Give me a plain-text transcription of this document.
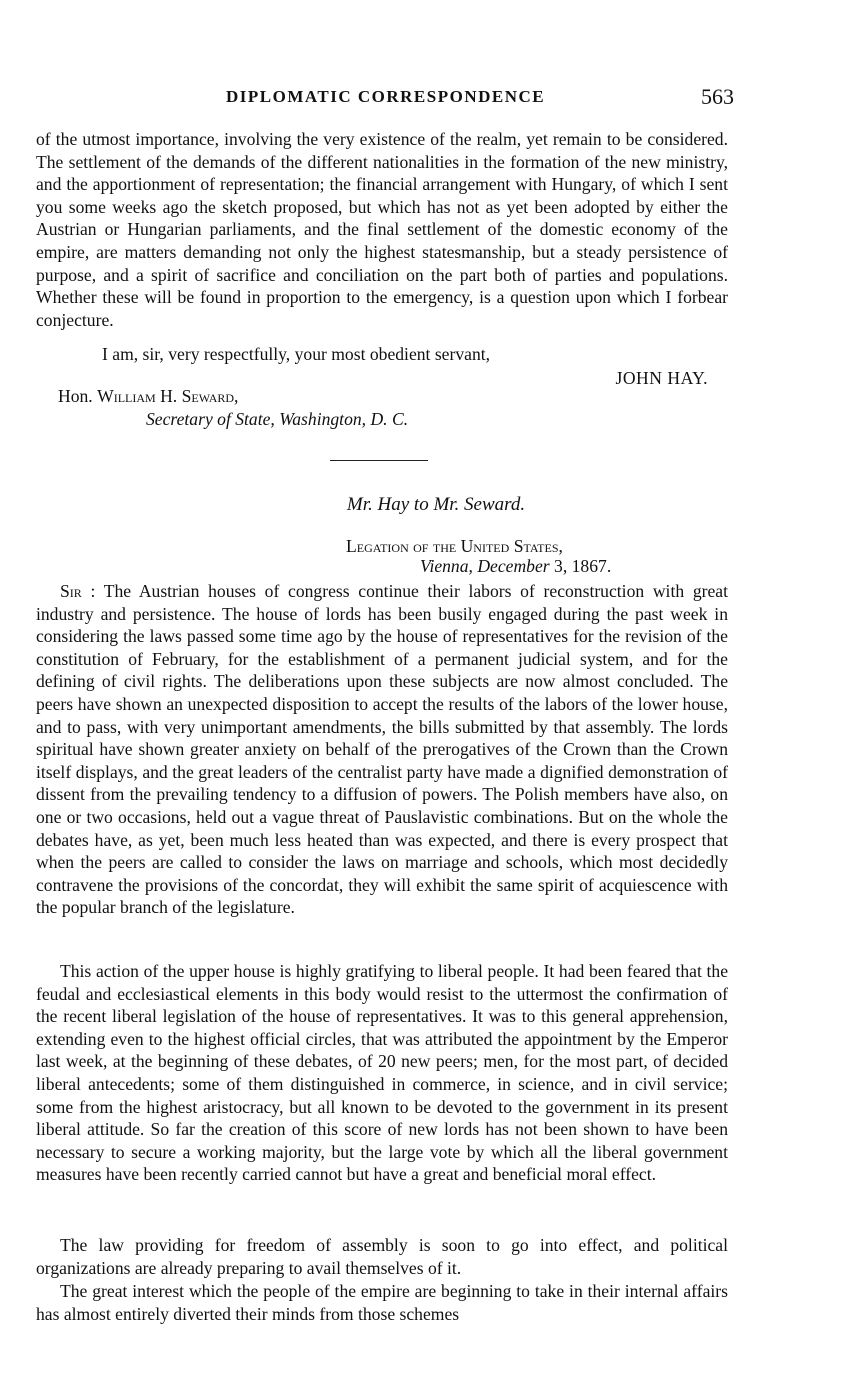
DIPLOMATIC CORRESPONDENCE	563
of the utmost importance, involving the very existence of the realm, yet remain to be considered. The settlement of the demands of the different nationalities in the formation of the new ministry, and the apportionment of representation; the financial arrangement with Hungary, of which I sent you some weeks ago the sketch proposed, but which has not as yet been adopted by either the Austrian or Hungarian parliaments, and the final settlement of the domestic economy of the empire, are matters demanding not only the highest statesmanship, but a steady persistence of purpose, and a spirit of sacrifice and conciliation on the part both of parties and populations. Whether these will be found in proportion to the emergency, is a question upon which I forbear conjecture.
I am, sir, very respectfully, your most obedient servant,
JOHN HAY.
Hon. William H. Seward,
Secretary of State, Washington, D. C.
Mr. Hay to Mr. Seward.
Legation of the United States,
Vienna, December 3, 1867.
Sir : The Austrian houses of congress continue their labors of reconstruction with great industry and persistence. The house of lords has been busily engaged during the past week in considering the laws passed some time ago by the house of representatives for the revision of the constitution of February, for the establishment of a permanent judicial system, and for the defining of civil rights. The deliberations upon these subjects are now almost concluded. The peers have shown an unexpected disposition to accept the results of the labors of the lower house, and to pass, with very unimportant amendments, the bills submitted by that assembly. The lords spiritual have shown greater anxiety on behalf of the prerogatives of the Crown than the Crown itself displays, and the great leaders of the centralist party have made a dignified demonstration of dissent from the prevailing tendency to a diffusion of powers. The Polish members have also, on one or two occasions, held out a vague threat of Pauslavistic combinations. But on the whole the debates have, as yet, been much less heated than was expected, and there is every prospect that when the peers are called to consider the laws on marriage and schools, which most decidedly contravene the provisions of the concordat, they will exhibit the same spirit of acquiescence with the popular branch of the legislature.
This action of the upper house is highly gratifying to liberal people. It had been feared that the feudal and ecclesiastical elements in this body would resist to the uttermost the confirmation of the recent liberal legislation of the house of representatives. It was to this general apprehension, extending even to the highest official circles, that was attributed the appointment by the Emperor last week, at the beginning of these debates, of 20 new peers; men, for the most part, of decided liberal antecedents; some of them distinguished in commerce, in science, and in civil service; some from the highest aristocracy, but all known to be devoted to the government in its present liberal attitude. So far the creation of this score of new lords has not been shown to have been necessary to secure a working majority, but the large vote by which all the liberal government measures have been recently carried cannot but have a great and beneficial moral effect.
The law providing for freedom of assembly is soon to go into effect, and political organizations are already preparing to avail themselves of it.
The great interest which the people of the empire are beginning to take in their internal affairs has almost entirely diverted their minds from those schemes
